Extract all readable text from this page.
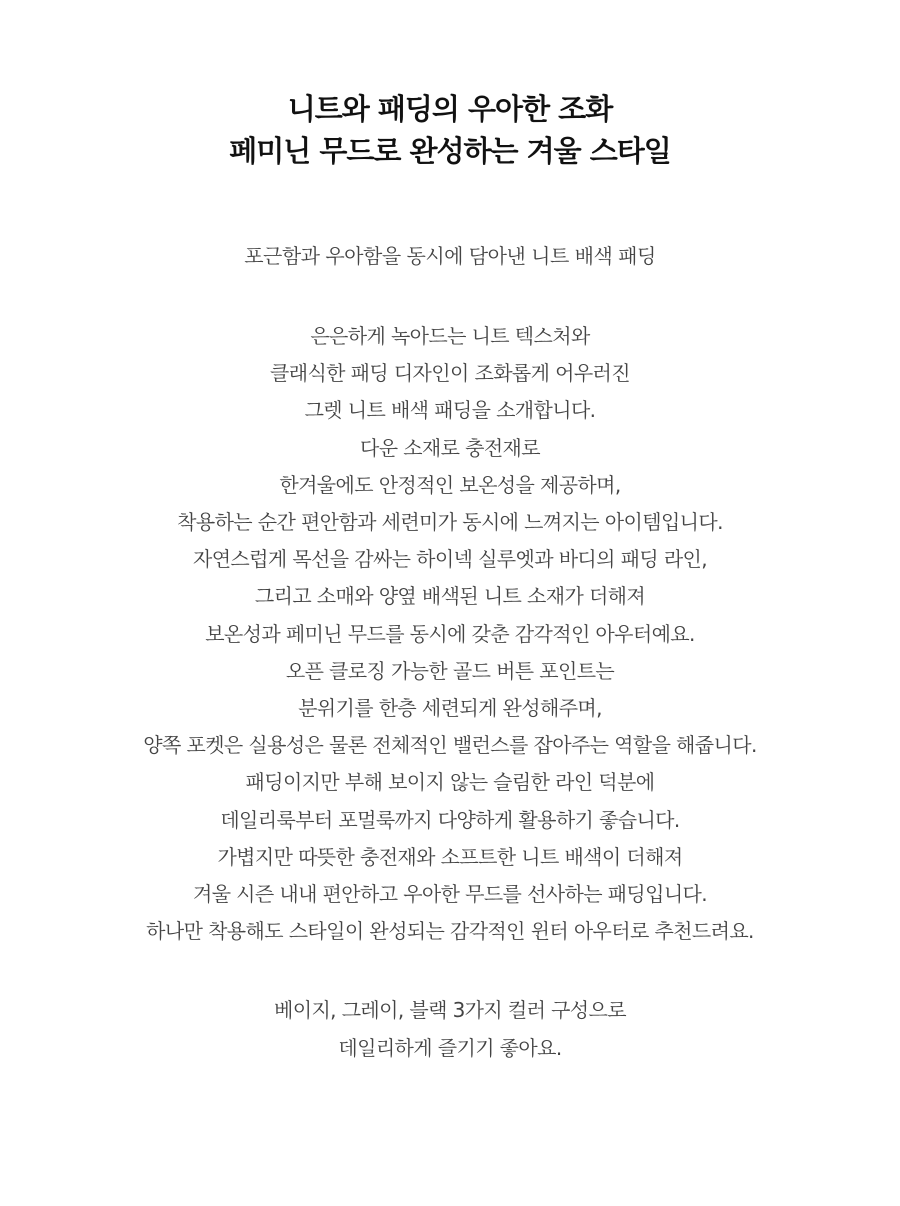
니트와 패딩의 우아한 조화
페미닌 무드로 완성하는 겨울 스타일

포근함과 우아함을 동시에 담아낸 니트 배색 패딩

은은하게 녹아드는 니트 텍스처와
클래식한 패딩 디자인이 조화롭게 어우러진
그렛 니트 배색 패딩을 소개합니다.
다운 소재로 충전재로
한겨울에도 안정적인 보온성을 제공하며,
착용하는 순간 편안함과 세련미가 동시에 느껴지는 아이템입니다.
자연스럽게 목선을 감싸는 하이넥 실루엣과 바디의 패딩 라인,
그리고 소매와 양옆 배색된 니트 소재가 더해져
보온성과 페미닌 무드를 동시에 갖춘 감각적인 아우터예요.
오픈 클로징 가능한 골드 버튼 포인트는
분위기를 한층 세련되게 완성해주며,
양쪽 포켓은 실용성은 물론 전체적인 밸런스를 잡아주는 역할을 해줍니다.
패딩이지만 부해 보이지 않는 슬림한 라인 덕분에
데일리룩부터 포멀룩까지 다양하게 활용하기 좋습니다.
가볍지만 따뜻한 충전재와 소프트한 니트 배색이 더해져
겨울 시즌 내내 편안하고 우아한 무드를 선사하는 패딩입니다.
하나만 착용해도 스타일이 완성되는 감각적인 윈터 아우터로 추천드려요.
베이지, 그레이, 블랙 3가지 컬러 구성으로
데일리하게 즐기기 좋아요.
